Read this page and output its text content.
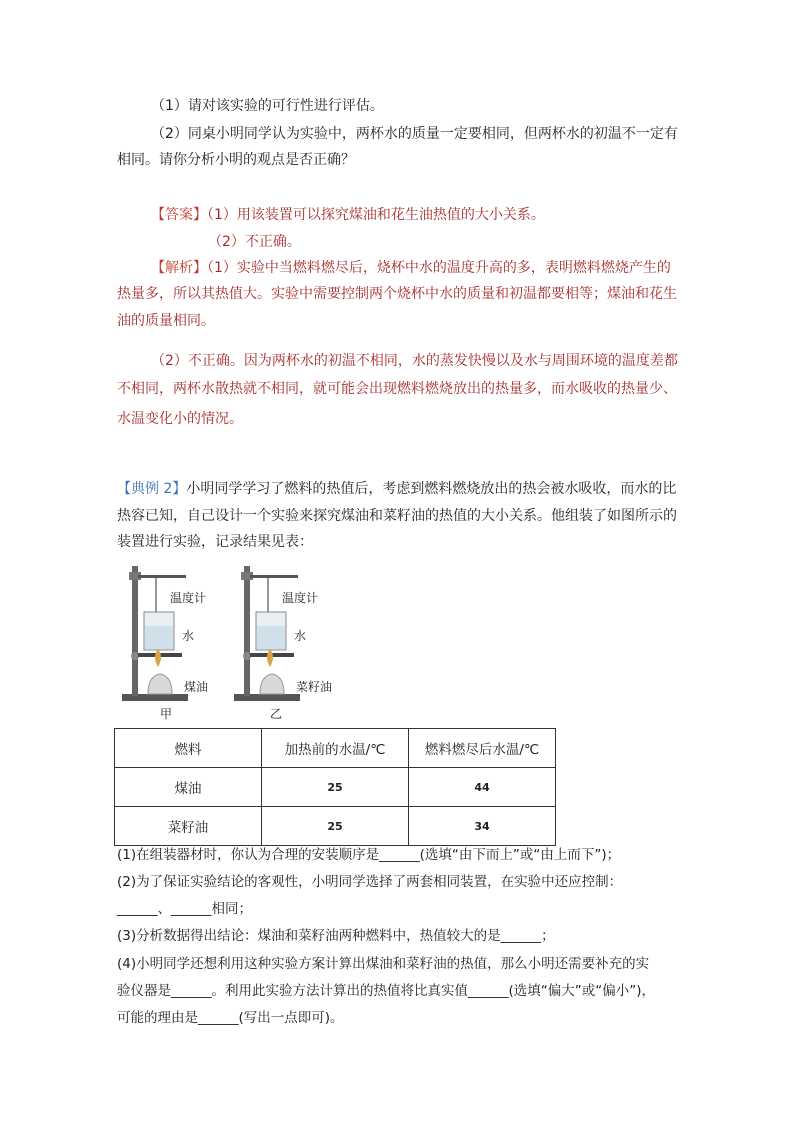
（1）请对该实验的可行性进行评估。
（2）同桌小明同学认为实验中，两杯水的质量一定要相同，但两杯水的初温不一定有
相同。请你分析小明的观点是否正确？
【答案】（1）用该装置可以探究煤油和花生油热值的大小关系。
（2）不正确。
【解析】（1）实验中当燃料燃尽后，烧杯中水的温度升高的多，表明燃料燃烧产生的
热量多，所以其热值大。实验中需要控制两个烧杯中水的质量和初温都要相等；煤油和花生
油的质量相同。
（2）不正确。因为两杯水的初温不相同，水的蒸发快慢以及水与周围环境的温度差都
不相同，两杯水散热就不相同，就可能会出现燃料燃烧放出的热量多，而水吸收的热量少、
水温变化小的情况。
【典例 2】小明同学学习了燃料的热值后，考虑到燃料燃烧放出的热会被水吸收，而水的比
热容已知，自己设计一个实验来探究煤油和菜籽油的热值的大小关系。他组装了如图所示的
装置进行实验，记录结果见表：
温度计
水
煤油
甲
温度计
水
菜籽油
乙
燃料	加热前的水温/℃	燃料燃尽后水温/℃
煤油	25	44
菜籽油	25	34
(1)在组装器材时，你认为合理的安装顺序是______(选填“由下而上”或“由上而下”)；
(2)为了保证实验结论的客观性，小明同学选择了两套相同装置，在实验中还应控制：
______、______相同；
(3)分析数据得出结论：煤油和菜籽油两种燃料中，热值较大的是______；
(4)小明同学还想利用这种实验方案计算出煤油和菜籽油的热值，那么小明还需要补充的实
验仪器是______。利用此实验方法计算出的热值将比真实值______(选填“偏大”或“偏小”)，
可能的理由是______(写出一点即可)。
